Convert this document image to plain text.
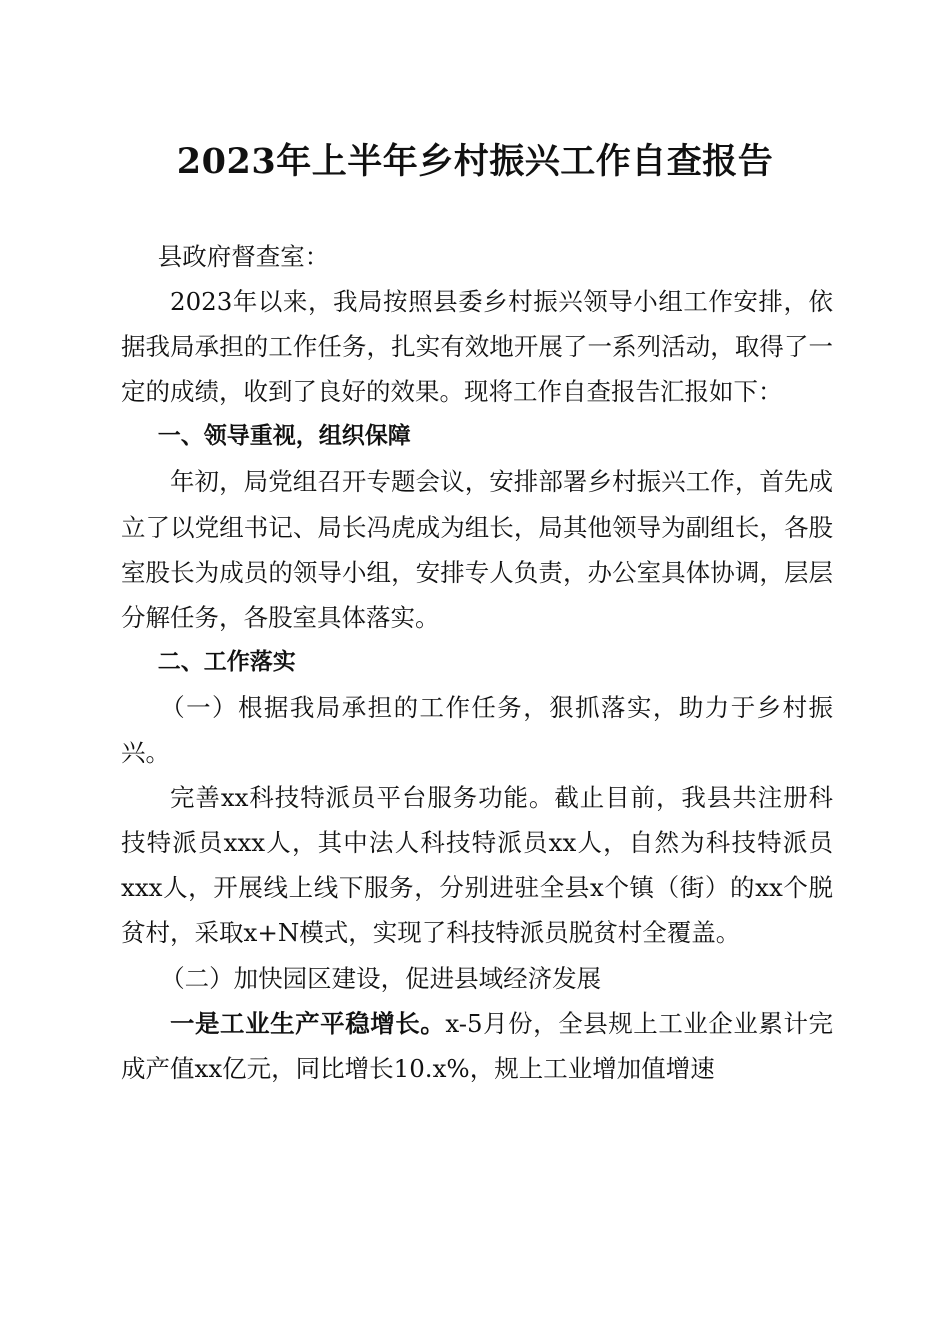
2023年上半年乡村振兴工作自查报告

县政府督查室：

2023年以来，我局按照县委乡村振兴领导小组工作安排，依据我局承担的工作任务，扎实有效地开展了一系列活动，取得了一定的成绩，收到了良好的效果。现将工作自查报告汇报如下：

一、领导重视，组织保障

年初，局党组召开专题会议，安排部署乡村振兴工作，首先成立了以党组书记、局长冯虎成为组长，局其他领导为副组长，各股室股长为成员的领导小组，安排专人负责，办公室具体协调，层层分解任务，各股室具体落实。

二、工作落实

（一）根据我局承担的工作任务，狠抓落实，助力于乡村振兴。

完善xx科技特派员平台服务功能。截止目前，我县共注册科技特派员xxx人，其中法人科技特派员xx人，自然为科技特派员xxx人，开展线上线下服务，分别进驻全县x个镇（街）的xx个脱贫村，采取x+N模式，实现了科技特派员脱贫村全覆盖。

（二）加快园区建设，促进县域经济发展

一是工业生产平稳增长。x-5月份，全县规上工业企业累计完成产值xx亿元，同比增长10.x%，规上工业增加值增速
